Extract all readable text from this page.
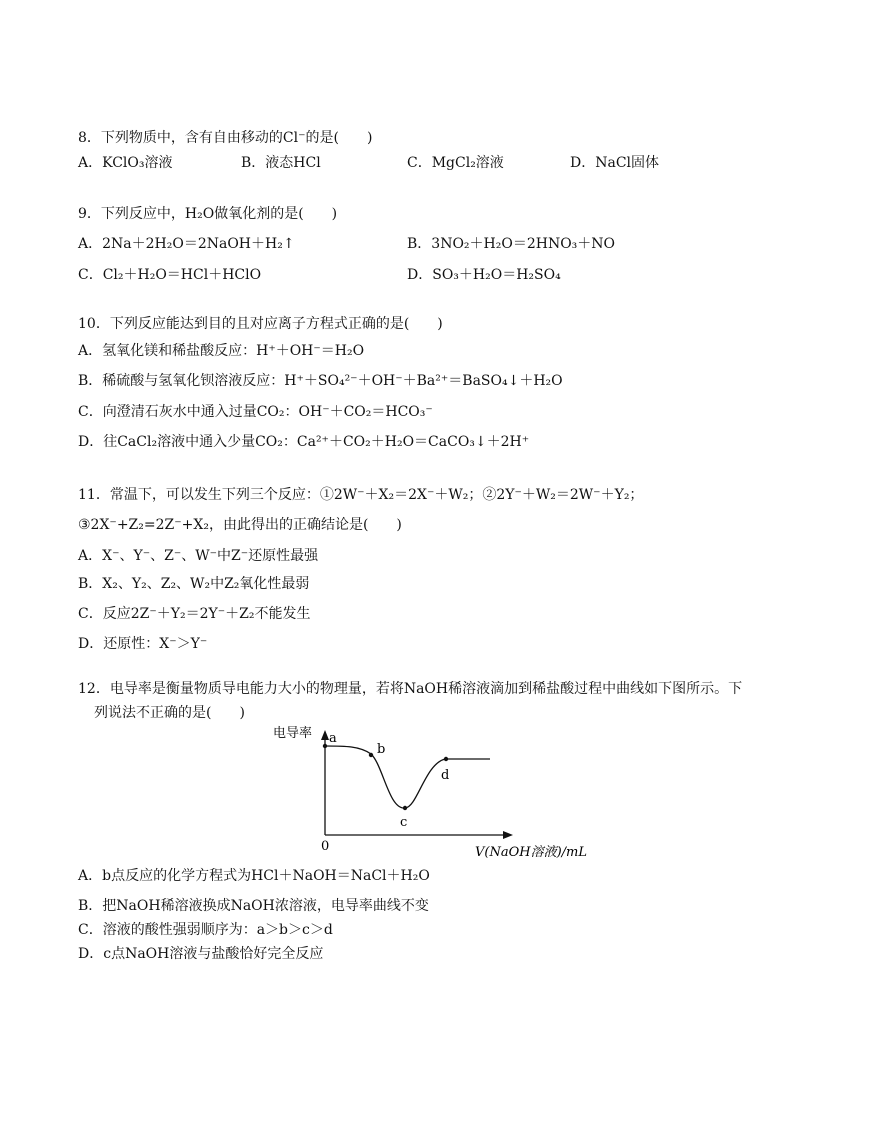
8．下列物质中，含有自由移动的Cl⁻的是(　　)
A．KClO₃溶液	B．液态HCl	C．MgCl₂溶液	D．NaCl固体
9．下列反应中，H₂O做氧化剂的是(　　)
A．2Na＋2H₂O＝2NaOH＋H₂↑	B．3NO₂＋H₂O＝2HNO₃＋NO
C．Cl₂＋H₂O＝HCl＋HClO	D．SO₃＋H₂O＝H₂SO₄
10．下列反应能达到目的且对应离子方程式正确的是(　　)
A．氢氧化镁和稀盐酸反应：H⁺＋OH⁻＝H₂O
B．稀硫酸与氢氧化钡溶液反应：H⁺＋SO₄²⁻＋OH⁻＋Ba²⁺＝BaSO₄↓＋H₂O
C．向澄清石灰水中通入过量CO₂：OH⁻＋CO₂＝HCO₃⁻
D．往CaCl₂溶液中通入少量CO₂：Ca²⁺＋CO₂＋H₂O＝CaCO₃↓＋2H⁺
11．常温下，可以发生下列三个反应：①2W⁻＋X₂＝2X⁻＋W₂；②2Y⁻＋W₂＝2W⁻＋Y₂；
③2X⁻+Z₂=2Z⁻+X₂，由此得出的正确结论是(　　)
A．X⁻、Y⁻、Z⁻、W⁻中Z⁻还原性最强
B．X₂、Y₂、Z₂、W₂中Z₂氧化性最弱
C．反应2Z⁻＋Y₂＝2Y⁻＋Z₂不能发生
D．还原性：X⁻＞Y⁻
12．电导率是衡量物质导电能力大小的物理量，若将NaOH稀溶液滴加到稀盐酸过程中曲线如下图所示。下
列说法不正确的是(　　)
电导率 a
b
c
d
0	V(NaOH溶液)/mL
A．b点反应的化学方程式为HCl＋NaOH＝NaCl＋H₂O
B．把NaOH稀溶液换成NaOH浓溶液，电导率曲线不变
C．溶液的酸性强弱顺序为：a＞b＞c＞d
D．c点NaOH溶液与盐酸恰好完全反应
